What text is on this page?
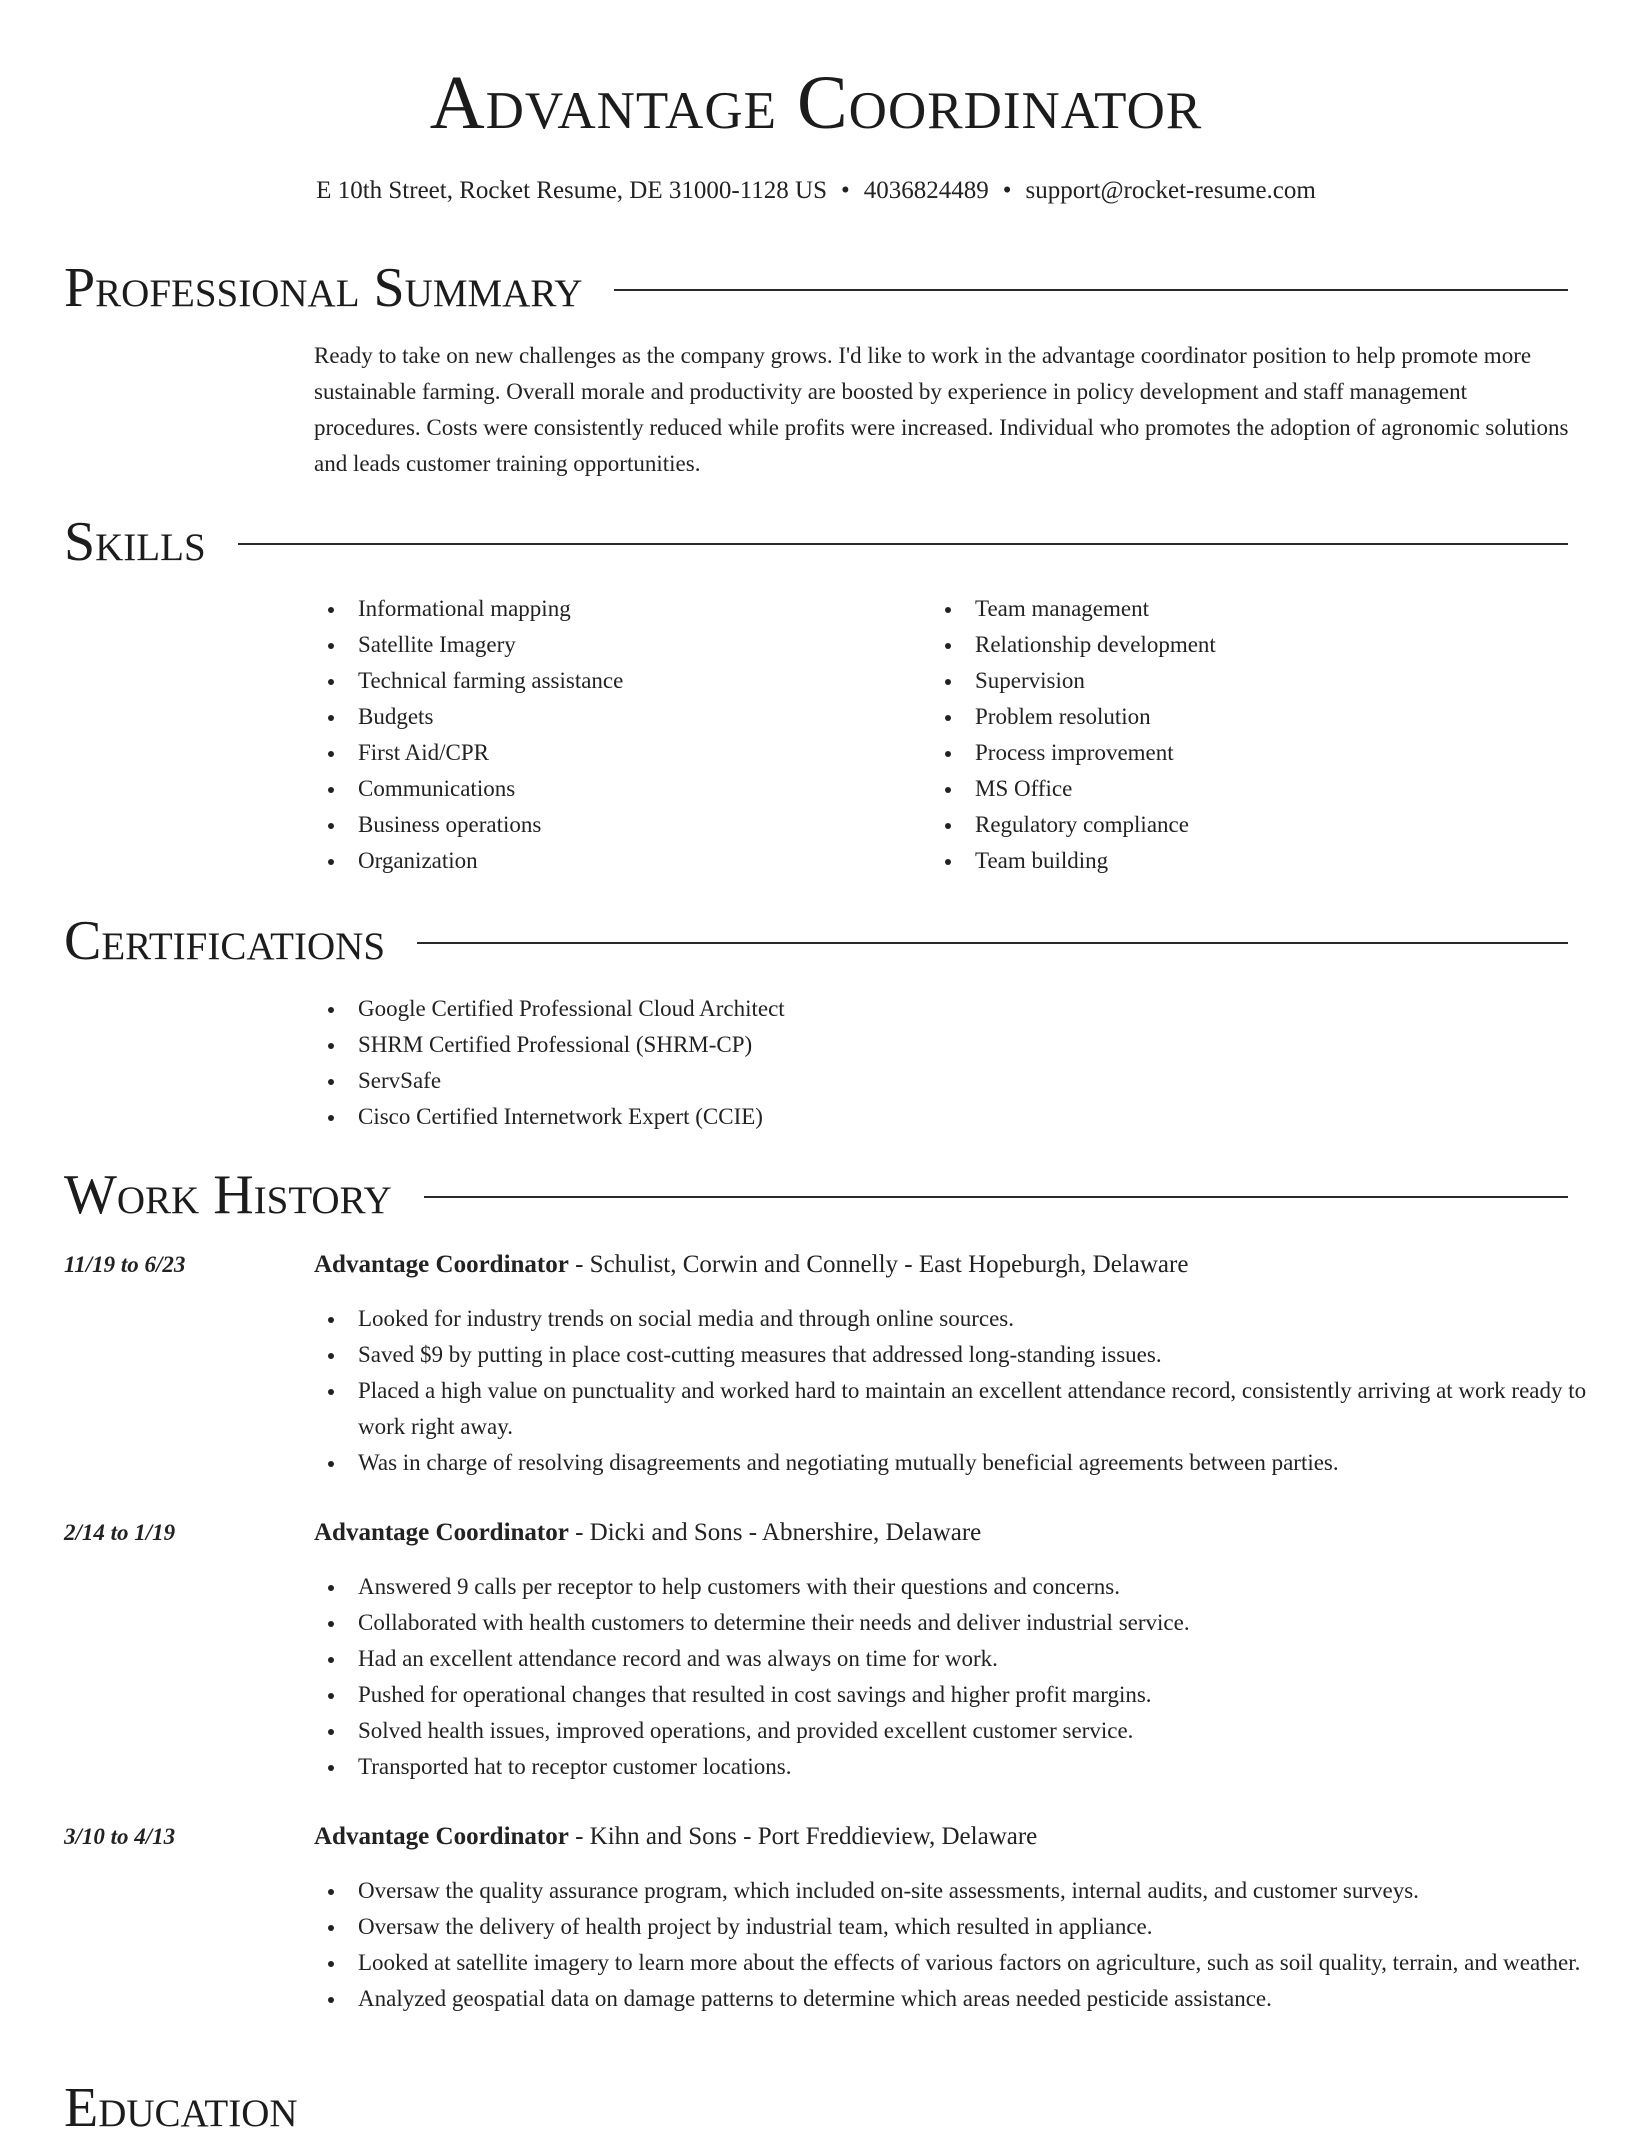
Advantage Coordinator
E 10th Street, Rocket Resume, DE 31000-1128 US • 4036824489 • support@rocket-resume.com
Professional Summary
Ready to take on new challenges as the company grows. I'd like to work in the advantage coordinator position to help promote more sustainable farming. Overall morale and productivity are boosted by experience in policy development and staff management procedures. Costs were consistently reduced while profits were increased. Individual who promotes the adoption of agronomic solutions and leads customer training opportunities.
Skills
Informational mapping
Satellite Imagery
Technical farming assistance
Budgets
First Aid/CPR
Communications
Business operations
Organization
Team management
Relationship development
Supervision
Problem resolution
Process improvement
MS Office
Regulatory compliance
Team building
Certifications
Google Certified Professional Cloud Architect
SHRM Certified Professional (SHRM-CP)
ServSafe
Cisco Certified Internetwork Expert (CCIE)
Work History
11/19 to 6/23	Advantage Coordinator - Schulist, Corwin and Connelly - East Hopeburgh, Delaware
Looked for industry trends on social media and through online sources.
Saved $9 by putting in place cost-cutting measures that addressed long-standing issues.
Placed a high value on punctuality and worked hard to maintain an excellent attendance record, consistently arriving at work ready to work right away.
Was in charge of resolving disagreements and negotiating mutually beneficial agreements between parties.
2/14 to 1/19	Advantage Coordinator - Dicki and Sons - Abnershire, Delaware
Answered 9 calls per receptor to help customers with their questions and concerns.
Collaborated with health customers to determine their needs and deliver industrial service.
Had an excellent attendance record and was always on time for work.
Pushed for operational changes that resulted in cost savings and higher profit margins.
Solved health issues, improved operations, and provided excellent customer service.
Transported hat to receptor customer locations.
3/10 to 4/13	Advantage Coordinator - Kihn and Sons - Port Freddieview, Delaware
Oversaw the quality assurance program, which included on-site assessments, internal audits, and customer surveys.
Oversaw the delivery of health project by industrial team, which resulted in appliance.
Looked at satellite imagery to learn more about the effects of various factors on agriculture, such as soil quality, terrain, and weather.
Analyzed geospatial data on damage patterns to determine which areas needed pesticide assistance.
Education
